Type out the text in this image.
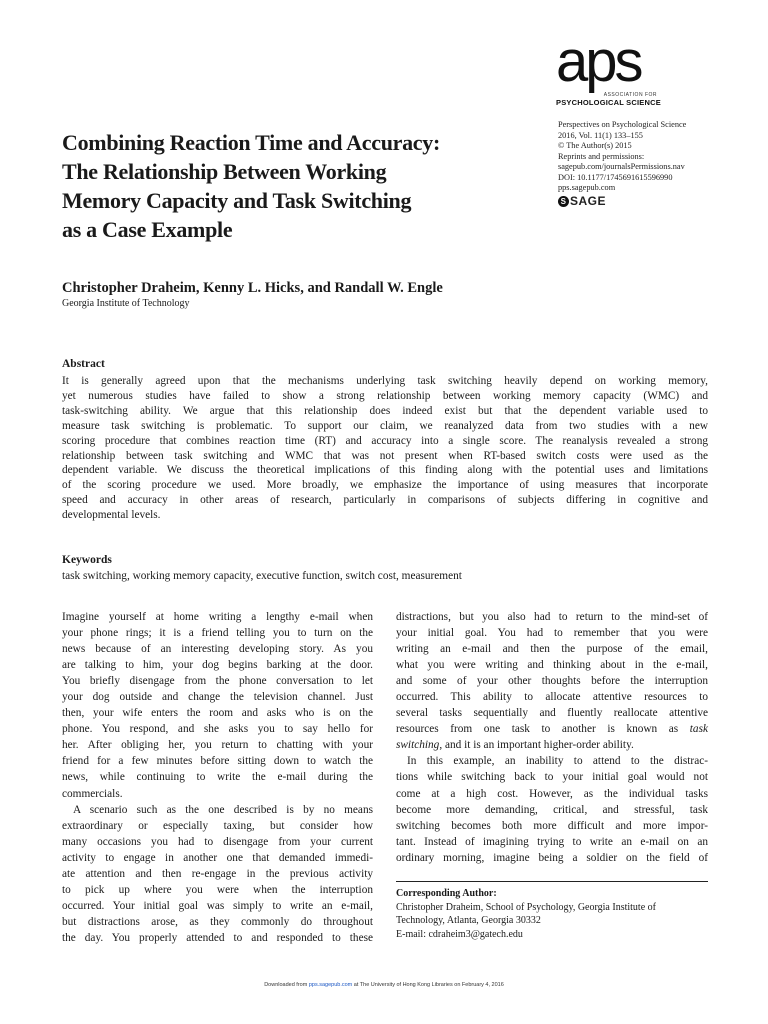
aps
ASSOCIATION FOR
PSYCHOLOGICAL SCIENCE
Combining Reaction Time and Accuracy:
The Relationship Between Working
Memory Capacity and Task Switching
as a Case Example
Perspectives on Psychological Science
2016, Vol. 11(1) 133–155
© The Author(s) 2015
Reprints and permissions:
sagepub.com/journalsPermissions.nav
DOI: 10.1177/1745691615596990
pps.sagepub.com
S SAGE
Christopher Draheim, Kenny L. Hicks, and Randall W. Engle
Georgia Institute of Technology
Abstract
It is generally agreed upon that the mechanisms underlying task switching heavily depend on working memory,
yet numerous studies have failed to show a strong relationship between working memory capacity (WMC) and
task-switching ability. We argue that this relationship does indeed exist but that the dependent variable used to
measure task switching is problematic. To support our claim, we reanalyzed data from two studies with a new
scoring procedure that combines reaction time (RT) and accuracy into a single score. The reanalysis revealed a strong
relationship between task switching and WMC that was not present when RT-based switch costs were used as the
dependent variable. We discuss the theoretical implications of this finding along with the potential uses and limitations
of the scoring procedure we used. More broadly, we emphasize the importance of using measures that incorporate
speed and accuracy in other areas of research, particularly in comparisons of subjects differing in cognitive and
developmental levels.
Keywords
task switching, working memory capacity, executive function, switch cost, measurement
Imagine yourself at home writing a lengthy e-mail when
your phone rings; it is a friend telling you to turn on the
news because of an interesting developing story. As you
are talking to him, your dog begins barking at the door.
You briefly disengage from the phone conversation to let
your dog outside and change the television channel. Just
then, your wife enters the room and asks who is on the
phone. You respond, and she asks you to say hello for
her. After obliging her, you return to chatting with your
friend for a few minutes before sitting down to watch the
news, while continuing to write the e-mail during the
commercials.
A scenario such as the one described is by no means
extraordinary or especially taxing, but consider how
many occasions you had to disengage from your current
activity to engage in another one that demanded immedi-
ate attention and then re-engage in the previous activity
to pick up where you were when the interruption
occurred. Your initial goal was simply to write an e-mail,
but distractions arose, as they commonly do throughout
the day. You properly attended to and responded to these
distractions, but you also had to return to the mind-set of
your initial goal. You had to remember that you were
writing an e-mail and then the purpose of the email,
what you were writing and thinking about in the e-mail,
and some of your other thoughts before the interruption
occurred. This ability to allocate attentive resources to
several tasks sequentially and fluently reallocate attentive
resources from one task to another is known as task
switching, and it is an important higher-order ability.
In this example, an inability to attend to the distrac-
tions while switching back to your initial goal would not
come at a high cost. However, as the individual tasks
become more demanding, critical, and stressful, task
switching becomes both more difficult and more impor-
tant. Instead of imagining trying to write an e-mail on an
ordinary morning, imagine being a soldier on the field of
Corresponding Author:
Christopher Draheim, School of Psychology, Georgia Institute of
Technology, Atlanta, Georgia 30332
E-mail: cdraheim3@gatech.edu
Downloaded from pps.sagepub.com at The University of Hong Kong Libraries on February 4, 2016
